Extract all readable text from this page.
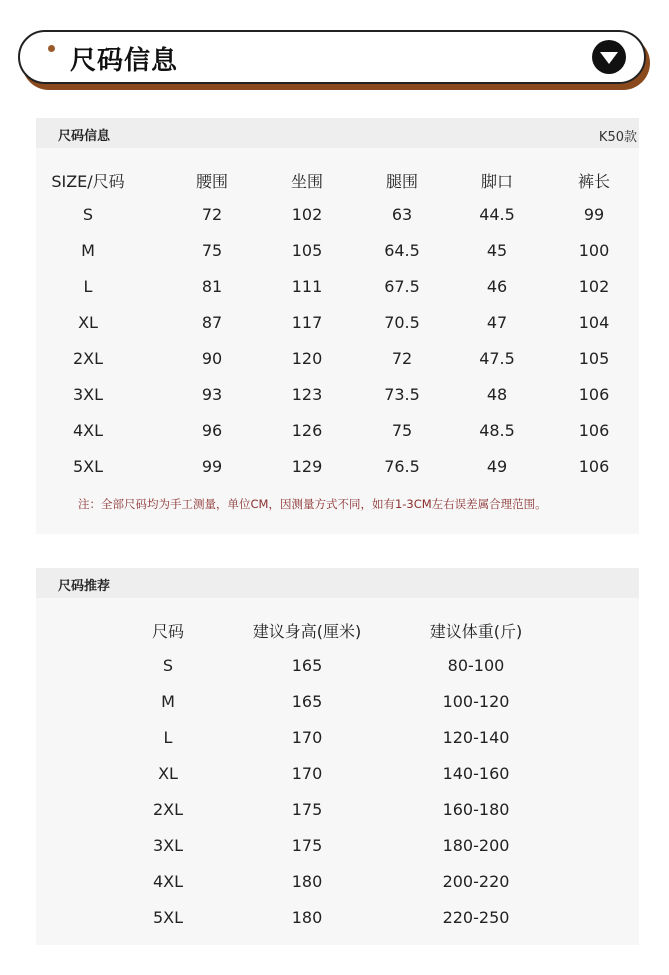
尺码信息
尺码信息	K50款
SIZE/尺码	腰围	坐围	腿围	脚口	裤长
S	72	102	63	44.5	99
M	75	105	64.5	45	100
L	81	111	67.5	46	102
XL	87	117	70.5	47	104
2XL	90	120	72	47.5	105
3XL	93	123	73.5	48	106
4XL	96	126	75	48.5	106
5XL	99	129	76.5	49	106
注：全部尺码均为手工测量，单位CM，因测量方式不同，如有1-3CM左右误差属合理范围。
尺码推荐
尺码	建议身高(厘米)	建议体重(斤)
S	165	80-100
M	165	100-120
L	170	120-140
XL	170	140-160
2XL	175	160-180
3XL	175	180-200
4XL	180	200-220
5XL	180	220-250
